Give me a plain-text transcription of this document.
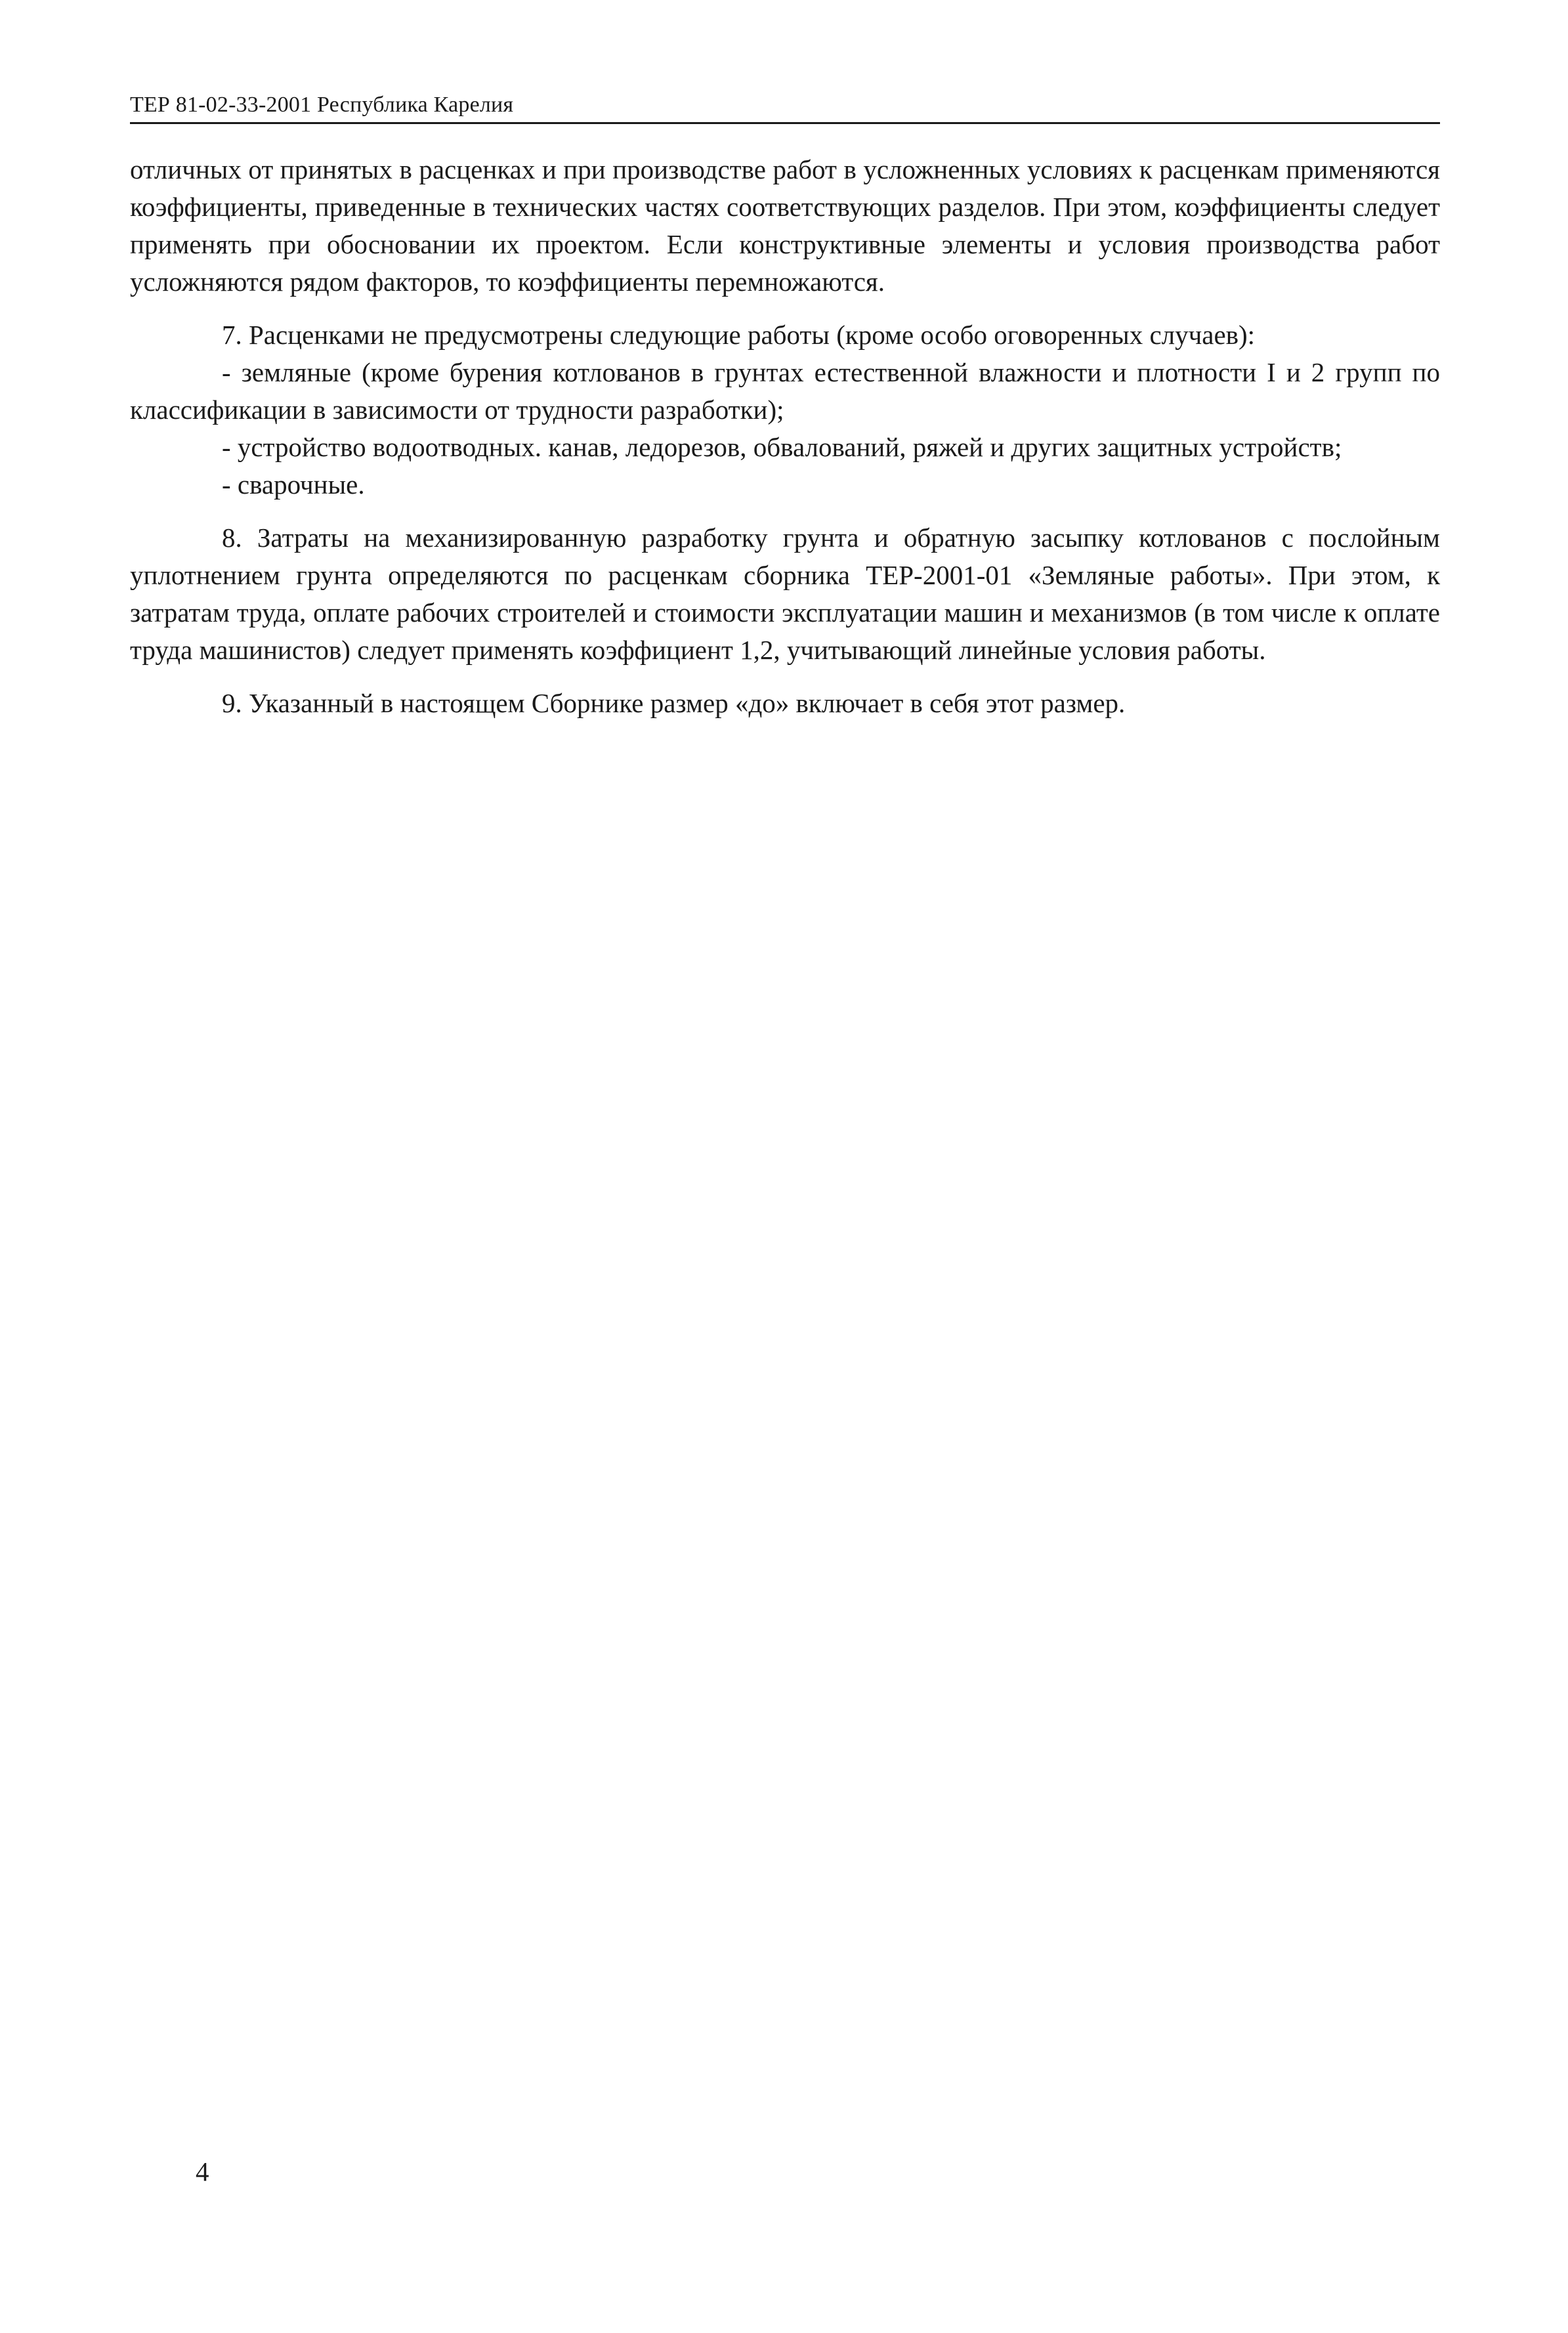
ТЕР 81-02-33-2001 Республика Карелия

отличных от принятых в расценках и при производстве работ в усложненных условиях к расценкам применяются коэффициенты, приведенные в технических частях соответствующих разделов. При этом, коэффициенты следует применять при обосновании их проектом. Если конструктивные элементы и условия производства работ усложняются рядом факторов, то коэффициенты перемножаются.

7. Расценками не предусмотрены следующие работы (кроме особо оговоренных случаев):

- земляные (кроме бурения котлованов в грунтах естественной влажности и плотности I и 2 групп по классификации в зависимости от трудности разработки);

- устройство водоотводных. канав, ледорезов, обвалований, ряжей и других защитных устройств;

- сварочные.

8. Затраты на механизированную разработку грунта и обратную засыпку котлованов с послойным уплотнением грунта определяются по расценкам сборника ТЕР-2001-01 «Земляные работы». При этом, к затратам труда, оплате рабочих строителей и стоимости эксплуатации машин и механизмов (в том числе к оплате труда машинистов) следует применять коэффициент 1,2, учитывающий линейные условия работы.

9. Указанный в настоящем Сборнике размер «до» включает в себя этот размер.

4
